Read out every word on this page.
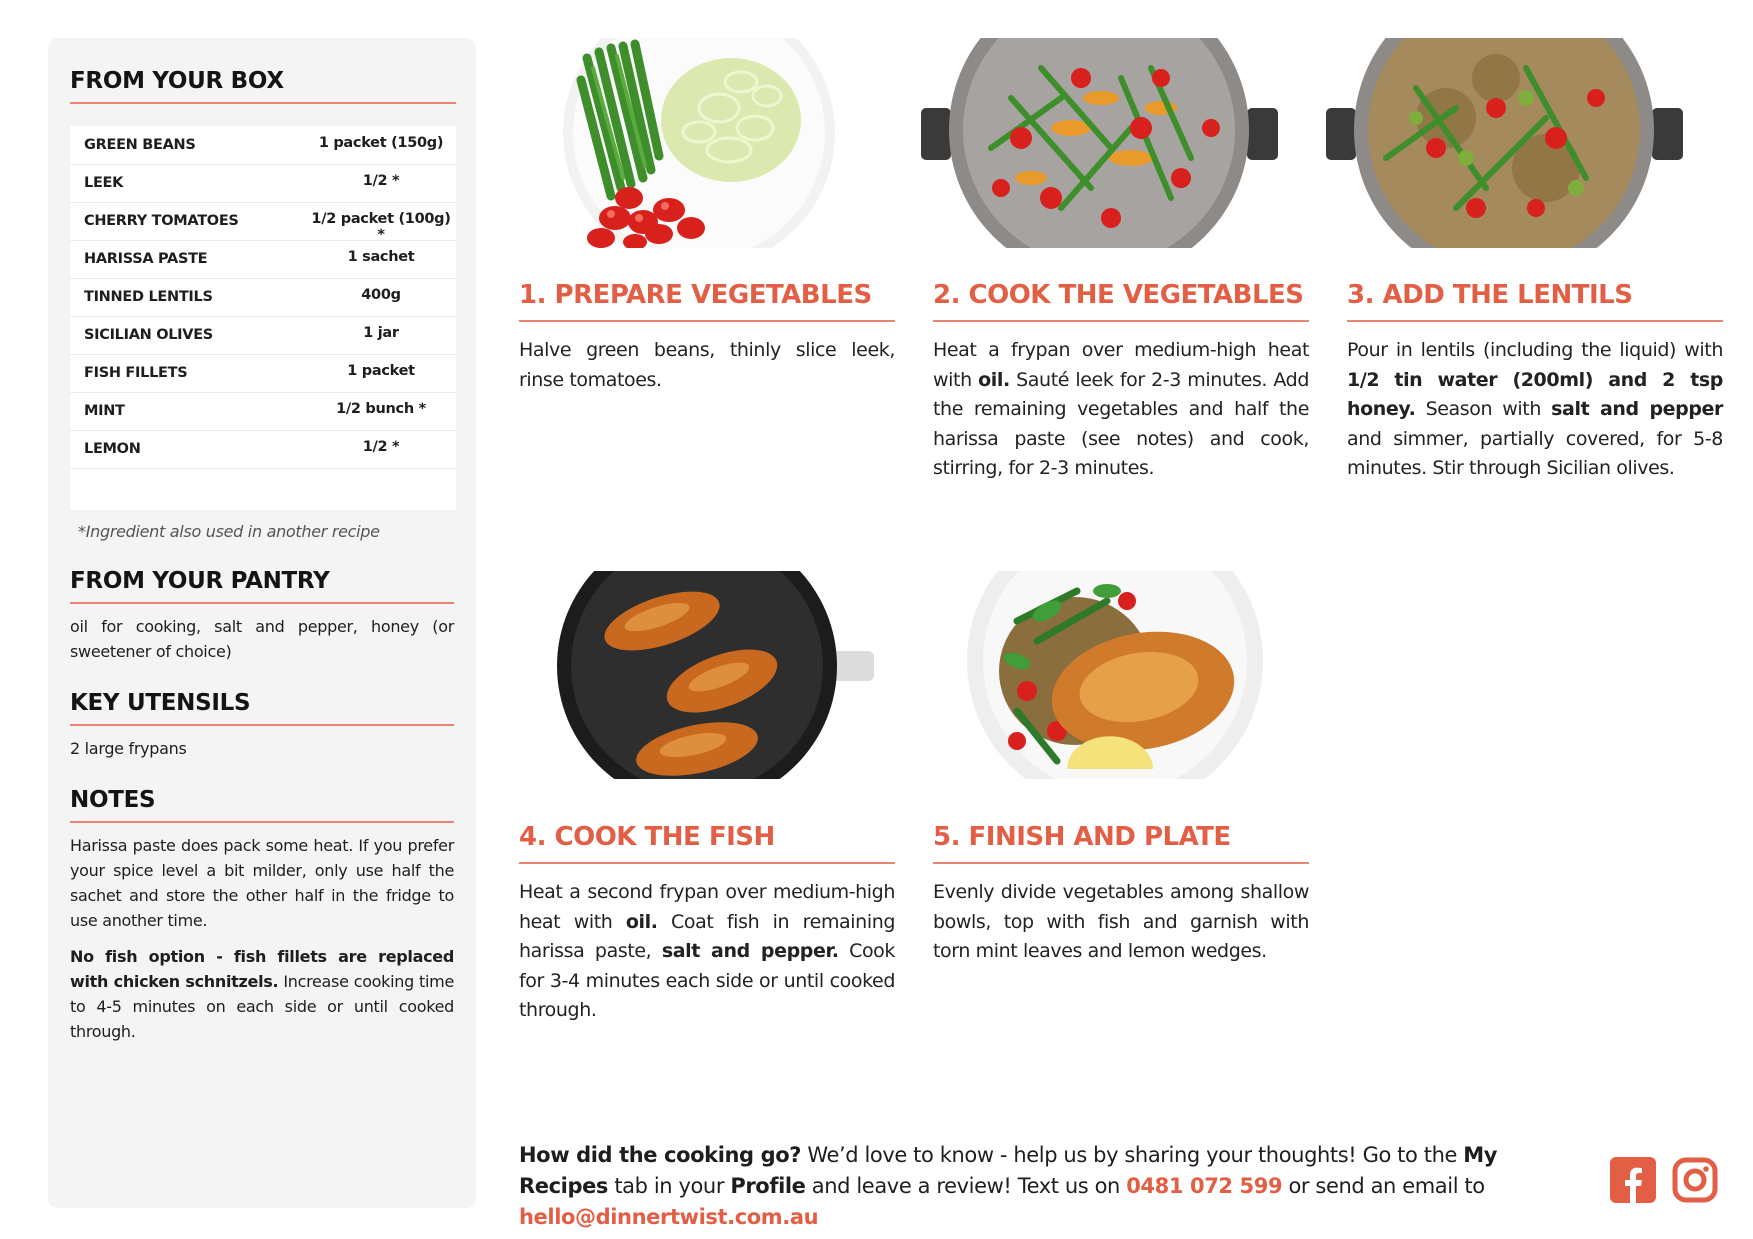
FROM YOUR BOX
GREEN BEANS	1 packet (150g)
LEEK	1/2 *
CHERRY TOMATOES	1/2 packet (100g) *
HARISSA PASTE	1 sachet
TINNED LENTILS	400g
SICILIAN OLIVES	1 jar
FISH FILLETS	1 packet
MINT	1/2 bunch *
LEMON	1/2 *
*Ingredient also used in another recipe
FROM YOUR PANTRY
oil for cooking, salt and pepper, honey (or sweetener of choice)
KEY UTENSILS
2 large frypans
NOTES

Harissa paste does pack some heat. If you prefer your spice level a bit milder, only use half the sachet and store the other half in the fridge to use another time.

No fish option - fish fillets are replaced with chicken schnitzels. Increase cooking time to 4-5 minutes on each side or until cooked through.

1. PREPARE VEGETABLES
Halve green beans, thinly slice leek, rinse tomatoes.
2. COOK THE VEGETABLES
Heat a frypan over medium-high heat with oil. Sauté leek for 2-3 minutes. Add the remaining vegetables and half the harissa paste (see notes) and cook, stirring, for 2-3 minutes.
3. ADD THE LENTILS
Pour in lentils (including the liquid) with 1/2 tin water (200ml) and 2 tsp honey. Season with salt and pepper and simmer, partially covered, for 5-8 minutes. Stir through Sicilian olives.
4. COOK THE FISH
Heat a second frypan over medium-high heat with oil. Coat fish in remaining harissa paste, salt and pepper. Cook for 3-4 minutes each side or until cooked through.
5. FINISH AND PLATE
Evenly divide vegetables among shallow bowls, top with fish and garnish with torn mint leaves and lemon wedges.
How did the cooking go? We’d love to know - help us by sharing your thoughts! Go to the My Recipes tab in your Profile and leave a review! Text us on 0481 072 599 or send an email to hello@dinnertwist.com.au
